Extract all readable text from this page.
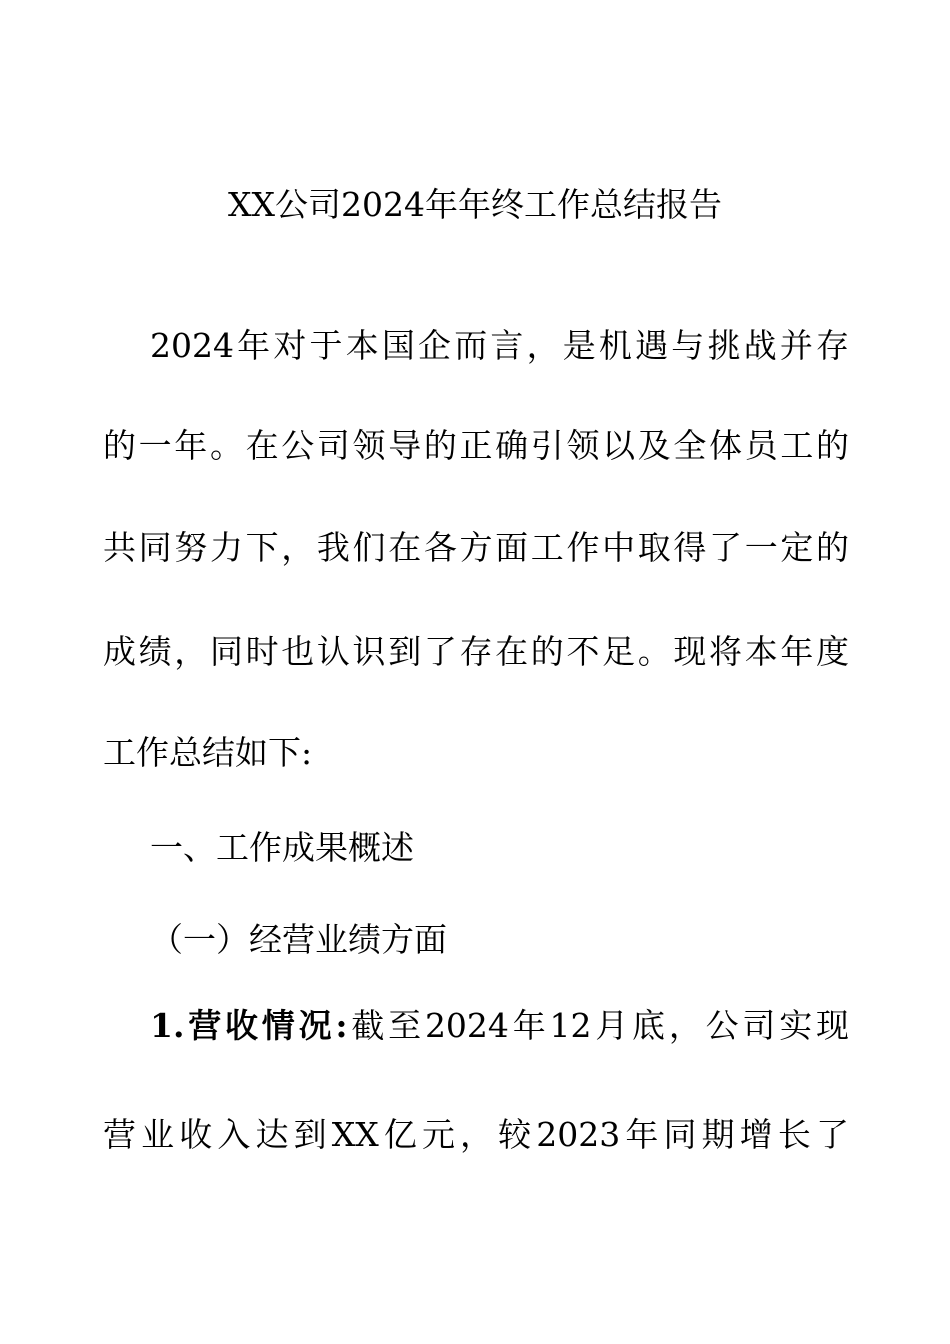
XX公司2024年年终工作总结报告
2024年对于本国企而言，是机遇与挑战并存
的一年。在公司领导的正确引领以及全体员工的
共同努力下，我们在各方面工作中取得了一定的
成绩，同时也认识到了存在的不足。现将本年度
工作总结如下:
一、工作成果概述
（一）经营业绩方面
1.营收情况:截至2024年12月底，公司实现
营业收入达到XX亿元，较2023年同期增长了
